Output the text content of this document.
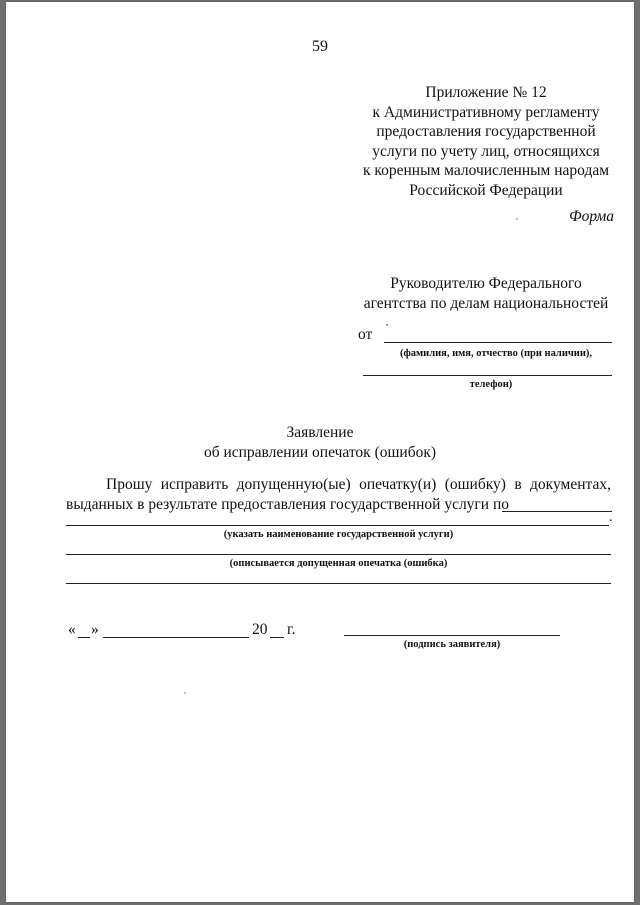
59
Приложение № 12
к Административному регламенту
предоставления государственной
услуги по учету лиц, относящихся
к коренным малочисленным народам
Российской Федерации
Форма
Руководителю Федерального
агентства по делам национальностей
от
(фамилия, имя, отчество (при наличии),
телефон)
Заявление
об исправлении опечаток (ошибок)
Прошу исправить допущенную(ые) опечатку(и) (ошибку) в документах,
выданных в результате предоставления государственной услуги по
.
(указать наименование государственной услуги)
(описывается допущенная опечатка (ошибка)
« »	20 г.
(подпись заявителя)
